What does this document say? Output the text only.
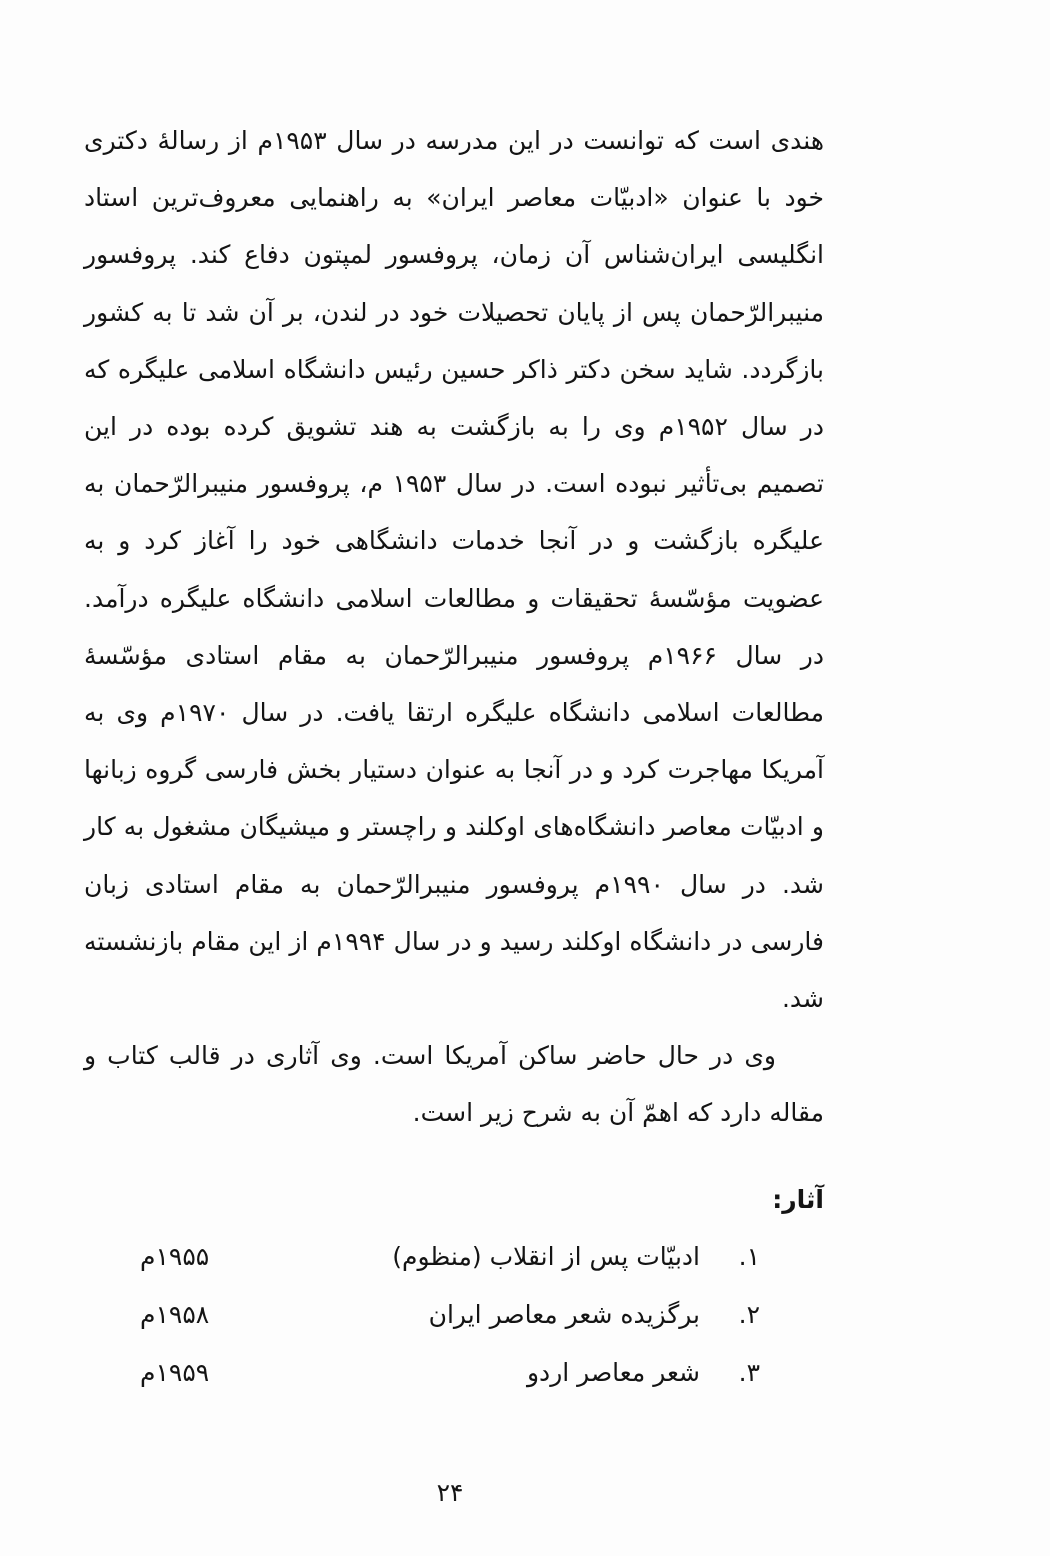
هندی است که توانست در این مدرسه در سال ۱۹۵۳م از رسالهٔ دکتری خود با عنوان «ادبیّات معاصر ایران» به راهنمایی معروف‌ترین استاد انگلیسی ایران‌شناس آن زمان، پروفسور لمپتون دفاع کند. پروفسور منیبرالرّحمان پس از پایان تحصیلات خود در لندن، بر آن شد تا به کشور بازگردد. شاید سخن دکتر ذاکر حسین رئیس دانشگاه اسلامی علیگره که در سال ۱۹۵۲م وی را به بازگشت به هند تشویق کرده بوده در این تصمیم بی‌تأثیر نبوده است. در سال ۱۹۵۳ م، پروفسور منیبرالرّحمان به علیگره بازگشت و در آنجا خدمات دانشگاهی خود را آغاز کرد و به عضویت مؤسّسهٔ تحقیقات و مطالعات اسلامی دانشگاه علیگره درآمد. در سال ۱۹۶۶م پروفسور منیبرالرّحمان به مقام استادی مؤسّسهٔ مطالعات اسلامی دانشگاه علیگره ارتقا یافت. در سال ۱۹۷۰م وی به آمریکا مهاجرت کرد و در آنجا به عنوان دستیار بخش فارسی گروه زبانها و ادبیّات معاصر دانشگاه‌های اوکلند و راچستر و میشیگان مشغول به کار شد. در سال ۱۹۹۰م پروفسور منیبرالرّحمان به مقام استادی زبان فارسی در دانشگاه اوکلند رسید و در سال ۱۹۹۴م از این مقام بازنشسته شد.

وی در حال حاضر ساکن آمریکا است. وی آثاری در قالب کتاب و مقاله دارد که اهمّ آن به شرح زیر است.

آثار:

۱.
ادبیّات پس از انقلاب (منظوم)
۱۹۵۵م
۲.
برگزیده شعر معاصر ایران
۱۹۵۸م
۳.
شعر معاصر اردو
۱۹۵۹م
۲۴
